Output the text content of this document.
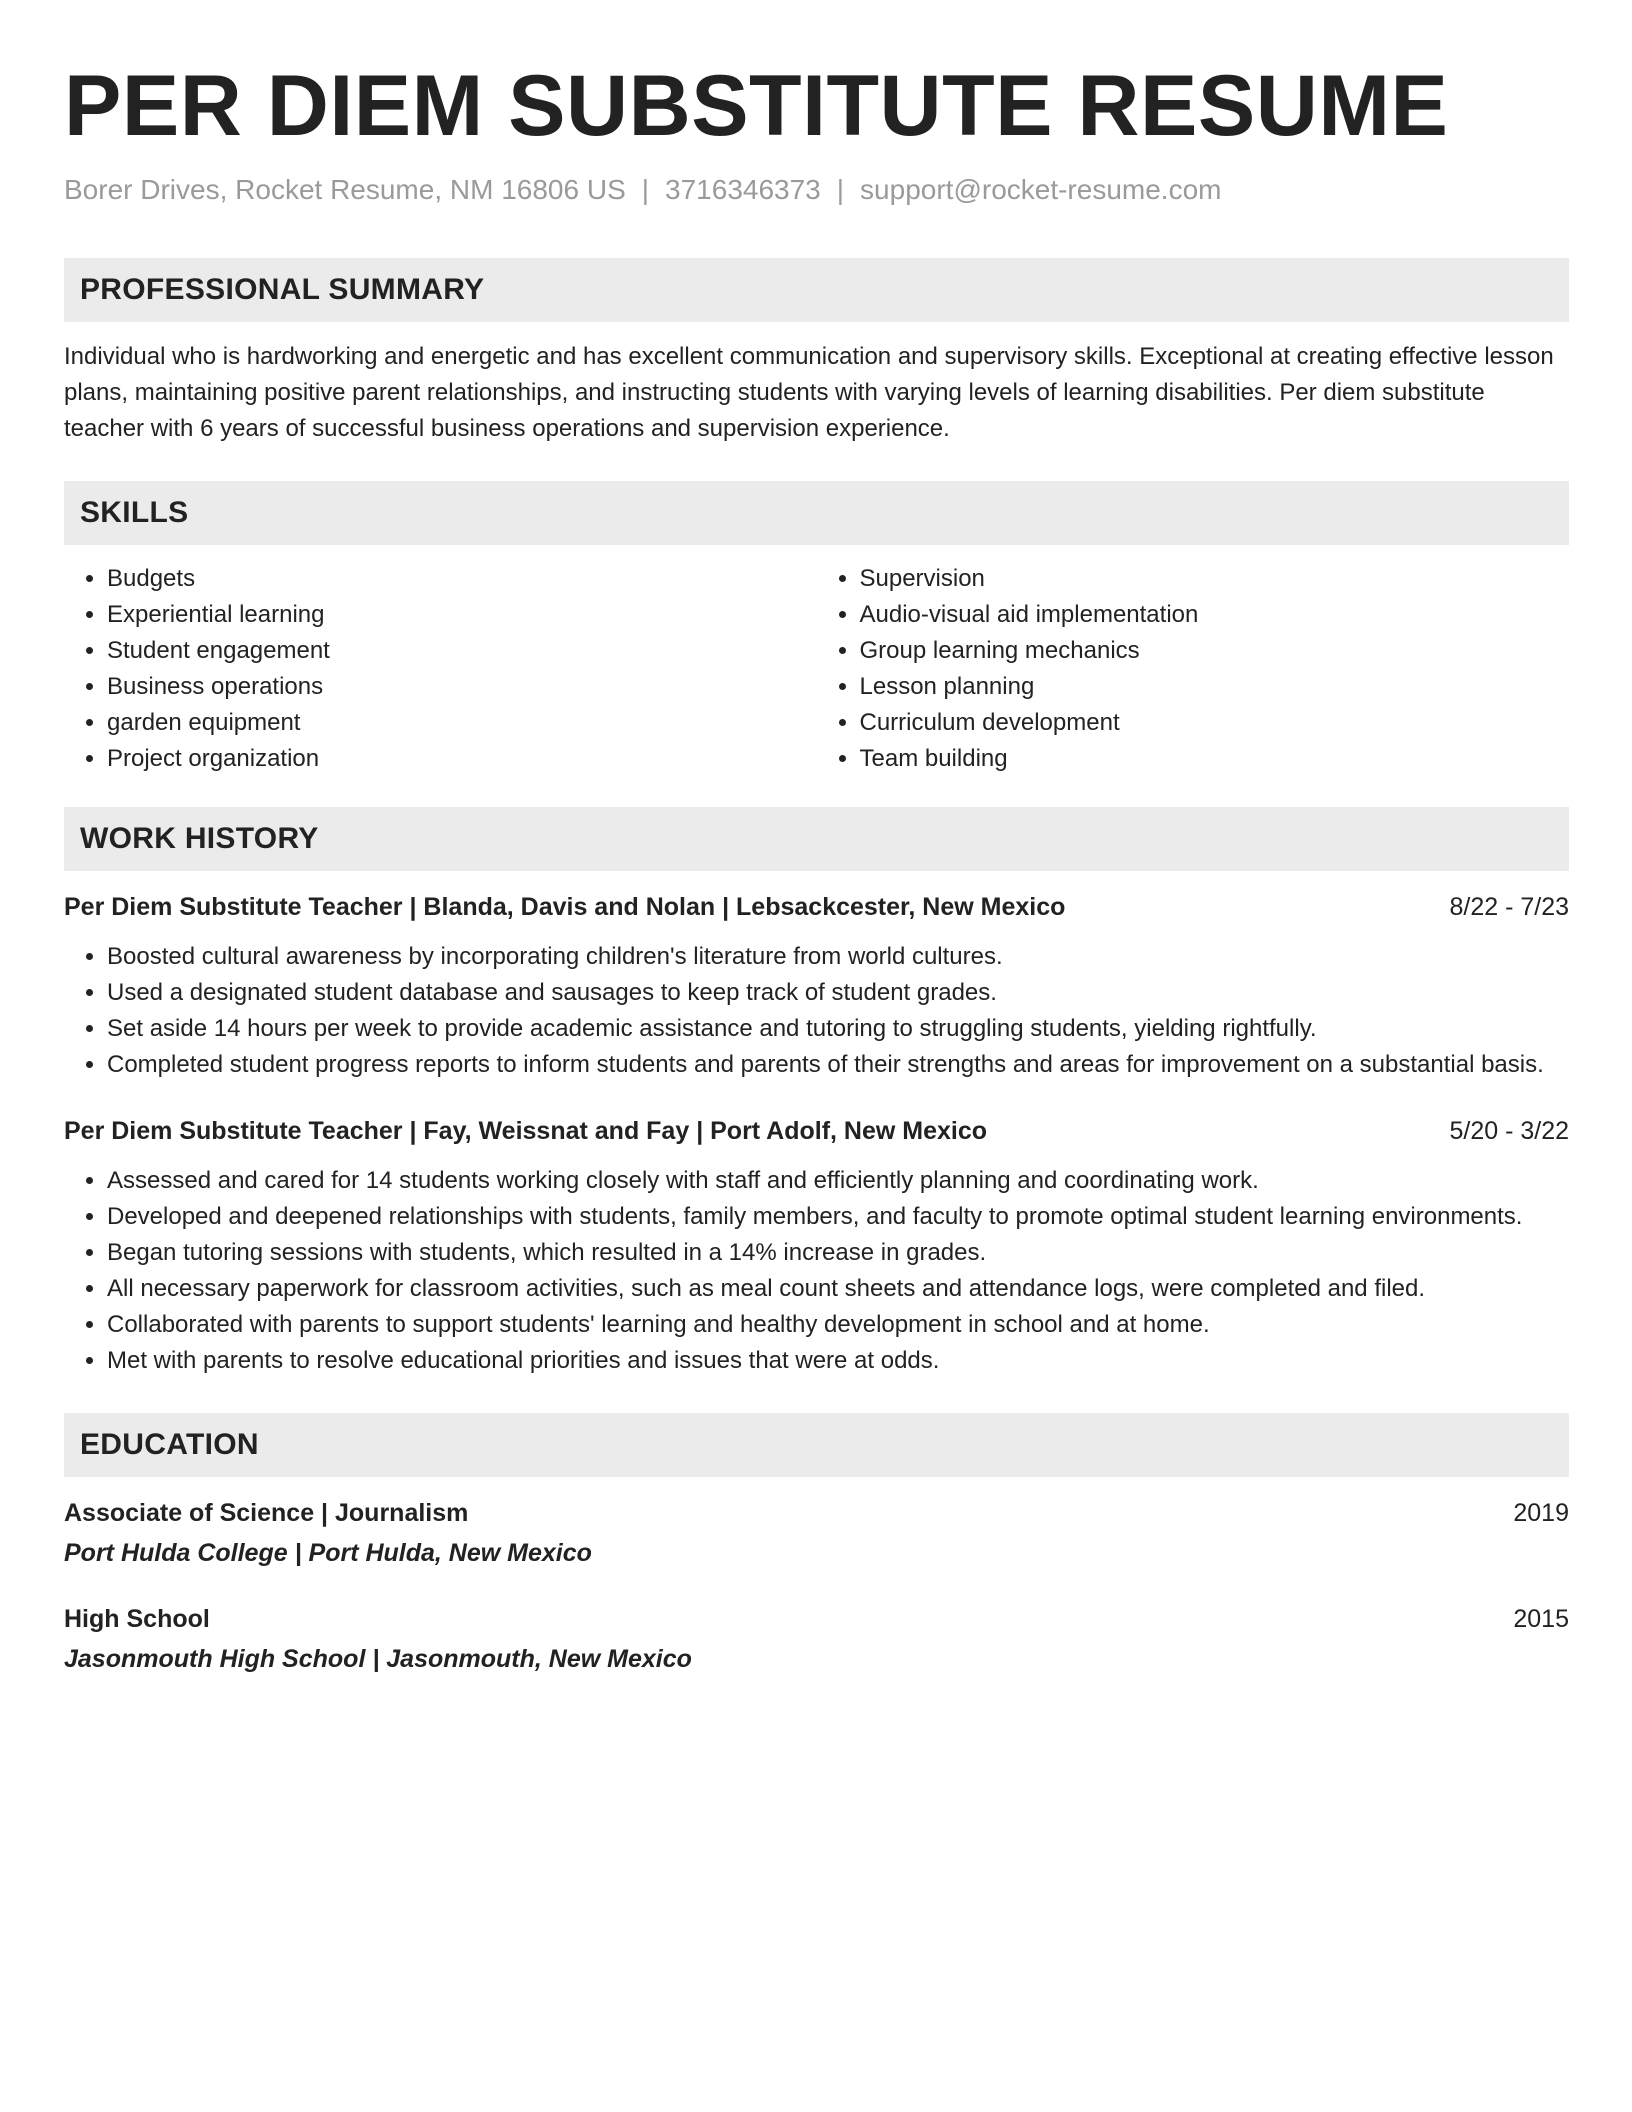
PER DIEM SUBSTITUTE RESUME
Borer Drives, Rocket Resume, NM 16806 US | 3716346373 | support@rocket-resume.com
PROFESSIONAL SUMMARY
Individual who is hardworking and energetic and has excellent communication and supervisory skills. Exceptional at creating effective lesson plans, maintaining positive parent relationships, and instructing students with varying levels of learning disabilities. Per diem substitute teacher with 6 years of successful business operations and supervision experience.
SKILLS
• Budgets
• Experiential learning
• Student engagement
• Business operations
• garden equipment
• Project organization
• Supervision
• Audio-visual aid implementation
• Group learning mechanics
• Lesson planning
• Curriculum development
• Team building
WORK HISTORY
Per Diem Substitute Teacher | Blanda, Davis and Nolan | Lebsackcester, New Mexico	8/22 - 7/23
• Boosted cultural awareness by incorporating children's literature from world cultures.
• Used a designated student database and sausages to keep track of student grades.
• Set aside 14 hours per week to provide academic assistance and tutoring to struggling students, yielding rightfully.
• Completed student progress reports to inform students and parents of their strengths and areas for improvement on a substantial basis.
Per Diem Substitute Teacher | Fay, Weissnat and Fay | Port Adolf, New Mexico	5/20 - 3/22
• Assessed and cared for 14 students working closely with staff and efficiently planning and coordinating work.
• Developed and deepened relationships with students, family members, and faculty to promote optimal student learning environments.
• Began tutoring sessions with students, which resulted in a 14% increase in grades.
• All necessary paperwork for classroom activities, such as meal count sheets and attendance logs, were completed and filed.
• Collaborated with parents to support students' learning and healthy development in school and at home.
• Met with parents to resolve educational priorities and issues that were at odds.
EDUCATION
Associate of Science | Journalism	2019
Port Hulda College | Port Hulda, New Mexico
High School	2015
Jasonmouth High School | Jasonmouth, New Mexico
